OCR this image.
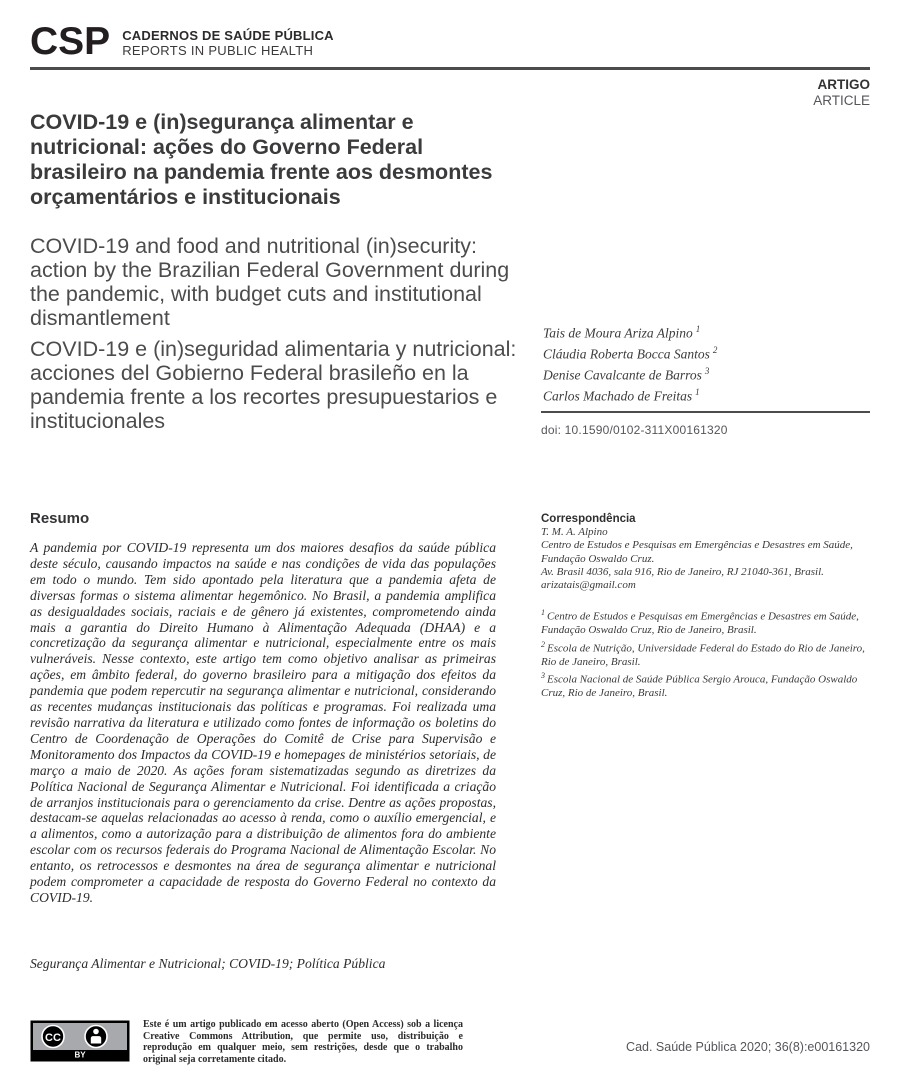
CSP CADERNOS DE SAÚDE PÚBLICA
REPORTS IN PUBLIC HEALTH
ARTIGO
ARTICLE
COVID-19 e (in)segurança alimentar e nutricional: ações do Governo Federal brasileiro na pandemia frente aos desmontes orçamentários e institucionais
COVID-19 and food and nutritional (in)security: action by the Brazilian Federal Government during the pandemic, with budget cuts and institutional dismantlement
COVID-19 e (in)seguridad alimentaria y nutricional: acciones del Gobierno Federal brasileño en la pandemia frente a los recortes presupuestarios e institucionales
Tais de Moura Ariza Alpino $^1$
Cláudia Roberta Bocca Santos $^2$
Denise Cavalcante de Barros $^3$
Carlos Machado de Freitas $^1$
doi: 10.1590/0102-311X00161320
Resumo

A pandemia por COVID-19 representa um dos maiores desafios da saúde pública deste século, causando impactos na saúde e nas condições de vida das populações em todo o mundo. Tem sido apontado pela literatura que a pandemia afeta de diversas formas o sistema alimentar hegemônico. No Brasil, a pandemia amplifica as desigualdades sociais, raciais e de gênero já existentes, comprometendo ainda mais a garantia do Direito Humano à Alimentação Adequada (DHAA) e a concretização da segurança alimentar e nutricional, especialmente entre os mais vulneráveis. Nesse contexto, este artigo tem como objetivo analisar as primeiras ações, em âmbito federal, do governo brasileiro para a mitigação dos efeitos da pandemia que podem repercutir na segurança alimentar e nutricional, considerando as recentes mudanças institucionais das políticas e programas. Foi realizada uma revisão narrativa da literatura e utilizado como fontes de informação os boletins do Centro de Coordenação de Operações do Comitê de Crise para Supervisão e Monitoramento dos Impactos da COVID-19 e homepages de ministérios setoriais, de março a maio de 2020. As ações foram sistematizadas segundo as diretrizes da Política Nacional de Segurança Alimentar e Nutricional. Foi identificada a criação de arranjos institucionais para o gerenciamento da crise. Dentre as ações propostas, destacam-se aquelas relacionadas ao acesso à renda, como o auxílio emergencial, e a alimentos, como a autorização para a distribuição de alimentos fora do ambiente escolar com os recursos federais do Programa Nacional de Alimentação Escolar. No entanto, os retrocessos e desmontes na área de segurança alimentar e nutricional podem comprometer a capacidade de resposta do Governo Federal no contexto da COVID-19.

Segurança Alimentar e Nutricional; COVID-19; Política Pública

Correspondência
T. M. A. Alpino
Centro de Estudos e Pesquisas em Emergências e Desastres em Saúde, Fundação Oswaldo Cruz.
Av. Brasil 4036, sala 916, Rio de Janeiro, RJ 21040-361, Brasil.
arizatais@gmail.com
$^1$ Centro de Estudos e Pesquisas em Emergências e Desastres em Saúde, Fundação Oswaldo Cruz, Rio de Janeiro, Brasil.
$^2$ Escola de Nutrição, Universidade Federal do Estado do Rio de Janeiro, Rio de Janeiro, Brasil.
$^3$ Escola Nacional de Saúde Pública Sergio Arouca, Fundação Oswaldo Cruz, Rio de Janeiro, Brasil.
CC
BY

Este é um artigo publicado em acesso aberto (Open Access) sob a licença Creative Commons Attribution, que permite uso, distribuição e reprodução em qualquer meio, sem restrições, desde que o trabalho original seja corretamente citado.

Cad. Saúde Pública 2020; 36(8):e00161320
